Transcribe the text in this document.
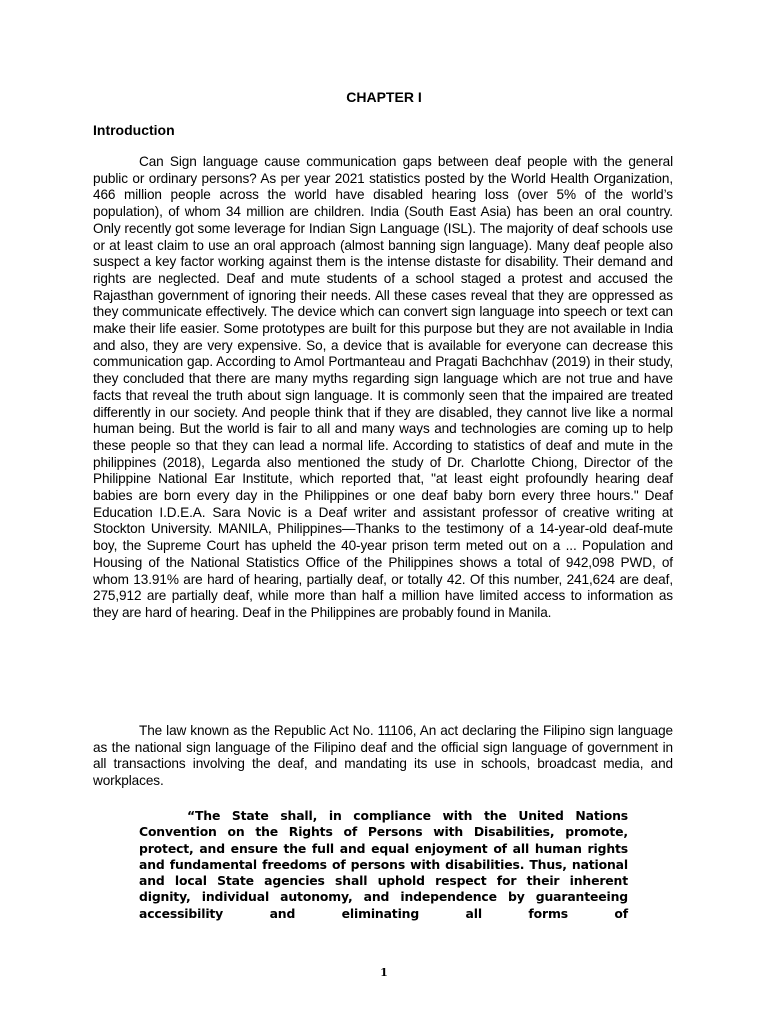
CHAPTER I
Introduction

Can Sign language cause communication gaps between deaf people with the general public or ordinary persons? As per year 2021 statistics posted by the World Health Organization, 466 million people across the world have disabled hearing loss (over 5% of the world’s population), of whom 34 million are children. India (South East Asia) has been an oral country. Only recently got some leverage for Indian Sign Language (ISL). The majority of deaf schools use or at least claim to use an oral approach (almost banning sign language). Many deaf people also suspect a key factor working against them is the intense distaste for disability. Their demand and rights are neglected. Deaf and mute students of a school staged a protest and accused the Rajasthan government of ignoring their needs. All these cases reveal that they are oppressed as they communicate effectively. The device which can convert sign language into speech or text can make their life easier. Some prototypes are built for this purpose but they are not available in India and also, they are very expensive. So, a device that is available for everyone can decrease this communication gap. According to Amol Portmanteau and Pragati Bachchhav (2019) in their study, they concluded that there are many myths regarding sign language which are not true and have facts that reveal the truth about sign language. It is commonly seen that the impaired are treated differently in our society. And people think that if they are disabled, they cannot live like a normal human being. But the world is fair to all and many ways and technologies are coming up to help these people so that they can lead a normal life. According to statistics of deaf and mute in the philippines (2018), Legarda also mentioned the study of Dr. Charlotte Chiong, Director of the Philippine National Ear Institute, which reported that, "at least eight profoundly hearing deaf babies are born every day in the Philippines or one deaf baby born every three hours." Deaf Education I.D.E.A. Sara Novic is a Deaf writer and assistant professor of creative writing at Stockton University. MANILA, Philippines—Thanks to the testimony of a 14-year-old deaf-mute boy, the Supreme Court has upheld the 40-year prison term meted out on a ... Population and Housing of the National Statistics Office of the Philippines shows a total of 942,098 PWD, of whom 13.91% are hard of hearing, partially deaf, or totally 42. Of this number, 241,624 are deaf, 275,912 are partially deaf, while more than half a million have limited access to information as they are hard of hearing. Deaf in the Philippines are probably found in Manila.

The law known as the Republic Act No. 11106, An act declaring the Filipino sign language as the national sign language of the Filipino deaf and the official sign language of government in all transactions involving the deaf, and mandating its use in schools, broadcast media, and workplaces.

“The State shall, in compliance with the United Nations Convention on the Rights of Persons with Disabilities, promote, protect, and ensure the full and equal enjoyment of all human rights and fundamental freedoms of persons with disabilities. Thus, national and local State agencies shall uphold respect for their inherent dignity, individual autonomy, and independence by guaranteeing accessibility and eliminating all forms of

1
